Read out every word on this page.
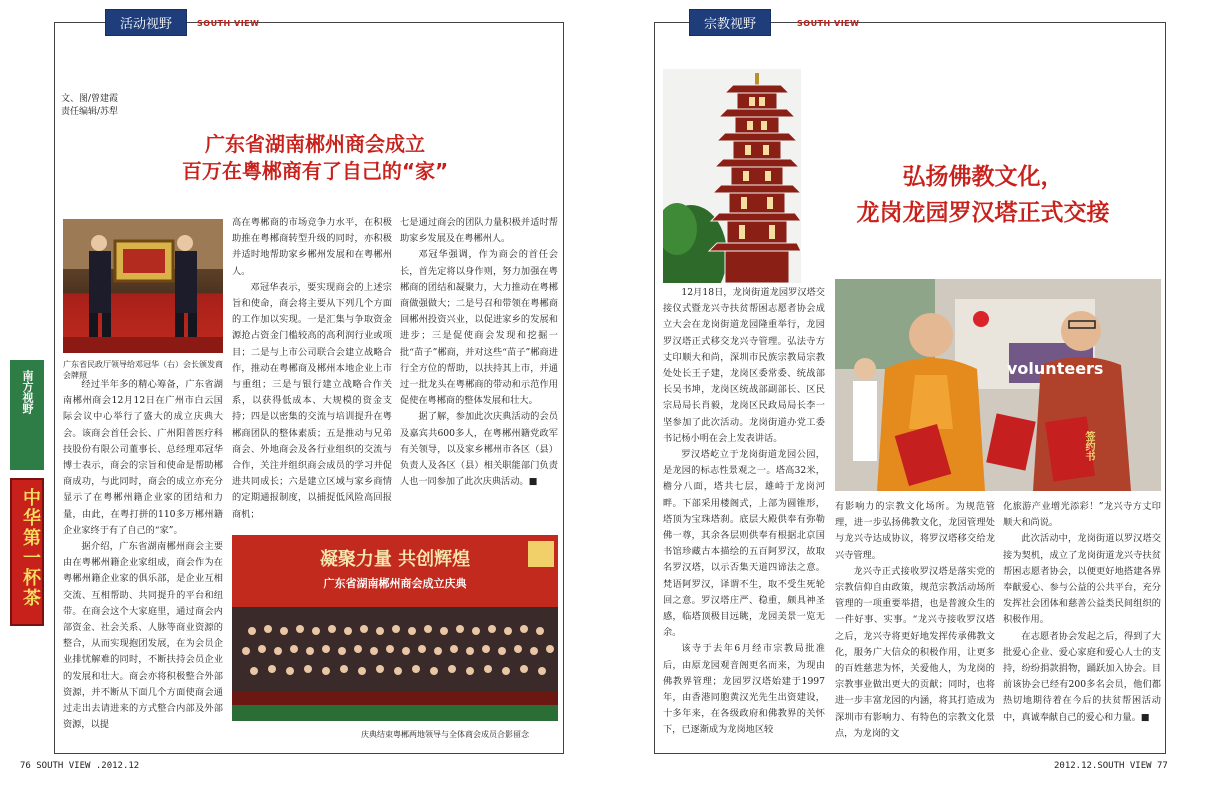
南方视野
中华第一杯茶
活动视野	SOUTH VIEW
文、图/曾建霞
责任编辑/苏犁
广东省湖南郴州商会成立
百万在粤郴商有了自己的“家”
广东省民政厅领导给邓冠华（右）会长颁发商会牌照

经过半年多的精心筹备，广东省湖南郴州商会12月12日在广州市白云国际会议中心举行了盛大的成立庆典大会。该商会首任会长、广州阳普医疗科技股份有限公司董事长、总经理邓冠华博士表示，商会的宗旨和使命是帮助郴商成功，与此同时，商会的成立亦充分显示了在粤郴州籍企业家的团结和力量，由此，在粤打拼的110多万郴州籍企业家终于有了自己的“家”。

据介绍，广东省湖南郴州商会主要由在粤郴州籍企业家组成，商会作为在粤郴州籍企业家的俱乐部，是企业互相交流、互相帮助、共同提升的平台和纽带。在商会这个大家庭里，通过商会内部资金、社会关系、人脉等商业资源的整合，从而实现抱团发展，在为会员企业排忧解难的同时，不断扶持会员企业的发展和壮大。商会亦将积极整合外部资源，并不断从下面几个方面使商会通过走出去请进来的方式整合内部及外部资源，以提

高在粤郴商的市场竞争力水平，在积极助推在粤郴商转型升级的同时，亦积极并适时地帮助家乡郴州发展和在粤郴州人。

邓冠华表示，要实现商会的上述宗旨和使命，商会将主要从下列几个方面的工作加以实现。一是汇集与争取资金源抢占资金门槛较高的高利润行业或项目；二是与上市公司联合会建立战略合作，推动在粤郴商及郴州本地企业上市与重组；三是与银行建立战略合作关系，以获得低成本、大规模的资金支持；四是以密集的交流与培训提升在粤郴商团队的整体素质；五是推动与兄弟商会、外地商会及各行业组织的交流与合作，关注并组织商会成员的学习并促进共同成长；六是建立区域与家乡商情的定期通报制度，以捕捉低风险高回报商机；

七是通过商会的团队力量积极并适时帮助家乡发展及在粤郴州人。

邓冠华强调，作为商会的首任会长，首先定将以身作则，努力加强在粤郴商的团结和凝聚力，大力推动在粤郴商做强做大；二是号召和带领在粤郴商回郴州投资兴业，以促进家乡的发展和进步；三是促使商会发现和挖掘一批“苗子”郴商，并对这些“苗子”郴商进行全方位的帮助，以扶持其上市，并通过一批龙头在粤郴商的带动和示范作用促使在粤郴商的整体发展和壮大。

据了解，参加此次庆典活动的会员及嘉宾共600多人，在粤郴州籍党政军有关领导，以及家乡郴州市各区（县）负责人及各区（县）相关职能部门负责人也一同参加了此次庆典活动。■

凝聚力量 共创辉煌
广东省湖南郴州商会成立庆典
庆典结束粤郴两地领导与全体商会成员合影留念
76 SOUTH VIEW .2012.12
宗教视野	SOUTH VIEW
弘扬佛教文化，
龙岗龙园罗汉塔正式交接

12月18日，龙岗街道龙园罗汉塔交接仪式暨龙兴寺扶贫帮困志愿者协会成立大会在龙岗街道龙园隆重举行，龙园罗汉塔正式移交龙兴寺管理。弘法寺方丈印顺大和尚，深圳市民族宗教局宗教处处长王子建，龙岗区委常委、统战部长吴书坤，龙岗区统战部副部长、区民宗局局长肖毅，龙岗区民政局局长李一坚参加了此次活动。龙岗街道办党工委书记杨小明在会上发表讲话。

罗汉塔屹立于龙岗街道龙园公园，是龙园的标志性景观之一。塔高32米，檐分八面，塔共七层，雄峙于龙岗河畔。下部采用楼阁式，上部为圆锥形，塔顶为宝珠塔刹。底层大殿供奉有弥勒佛一尊，其余各层则供奉有根据北京国书馆珍藏古本描绘的五百阿罗汉，故取名罗汉塔，以示否集天道四谛法之意。梵语阿罗汉，译谓不生，取不受生死轮回之意。罗汉塔庄严、稳重，颇具神圣感，临塔顶极目远眺，龙园美景一览无余。

该寺于去年6月经市宗教局批准后，由原龙园观音阁更名而来，为现由佛教界管理；龙园罗汉塔始建于1997年，由香港同胞黄汉光先生出资建设，十多年来，在各级政府和佛教界的关怀下，已逐渐成为龙岗地区较

volunteers
签约书

有影响力的宗教文化场所。为规范管理，进一步弘扬佛教文化，龙园管理处与龙兴寺达成协议，将罗汉塔移交给龙兴寺管理。

龙兴寺正式接收罗汉塔是落实党的宗教信仰自由政策，规范宗教活动场所管理的一项重要举措，也是普渡众生的一件好事、实事。“龙兴寺接收罗汉塔之后，龙兴寺将更好地发挥传承佛教文化，服务广大信众的积极作用，让更多的百姓慈悲为怀，关爱他人，为龙岗的宗教事业做出更大的贡献；同时，也将进一步丰富龙园的内涵，将其打造成为深圳市有影响力、有特色的宗教文化景点，为龙岗的文

化旅游产业增光添彩！”龙兴寺方丈印顺大和尚说。

此次活动中，龙岗街道以罗汉塔交接为契机，成立了龙岗街道龙兴寺扶贫帮困志愿者协会，以便更好地搭建各界奉献爱心、参与公益的公共平台，充分发挥社会团体和慈善公益类民间组织的积极作用。

在志愿者协会发起之后，得到了大批爱心企业、爱心家庭和爱心人士的支持，纷纷捐款捐物，踊跃加入协会。目前该协会已经有200多名会员，他们都热切地期待着在今后的扶贫帮困活动中，真诚奉献自己的爱心和力量。■

2012.12.SOUTH VIEW 77
